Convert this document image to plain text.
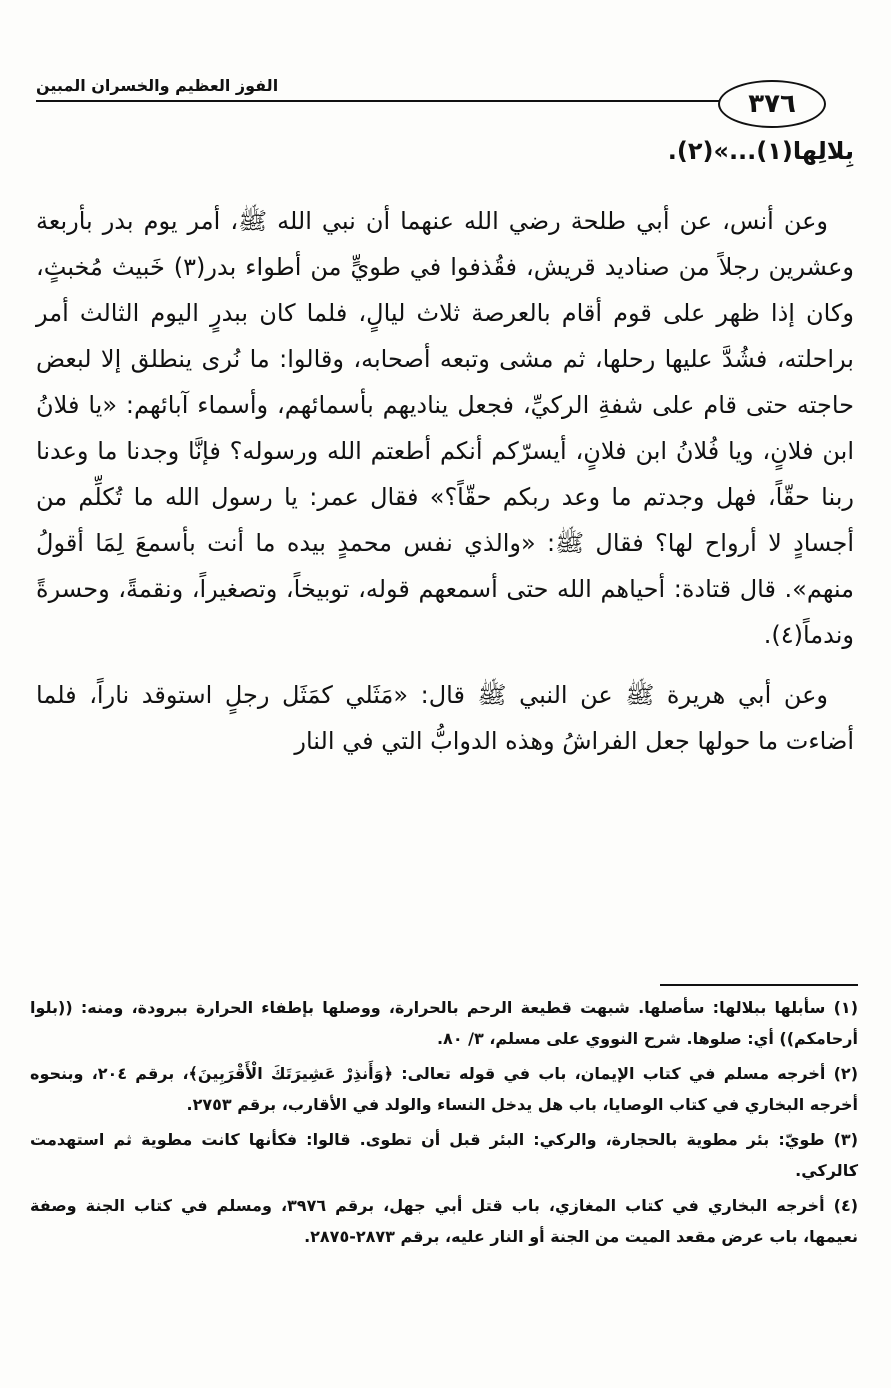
الفوز العظيم والخسران المبين
٣٧٦

بِلالِها(١)...»(٢).

وعن أنس، عن أبي طلحة رضي الله عنهما أن نبي الله ﷺ، أمر يوم بدر بأربعة وعشرين رجلاً من صناديد قريش، فقُذفوا في طويٍّ من أطواء بدر(٣) خَبيث مُخبثٍ، وكان إذا ظهر على قوم أقام بالعرصة ثلاث ليالٍ، فلما كان ببدرٍ اليوم الثالث أمر براحلته، فشُدَّ عليها رحلها، ثم مشى وتبعه أصحابه، وقالوا: ما نُرى ينطلق إلا لبعض حاجته حتى قام على شفةِ الركيِّ، فجعل يناديهم بأسمائهم، وأسماء آبائهم: «يا فلانُ ابن فلانٍ، ويا فُلانُ ابن فلانٍ، أيسرّكم أنكم أطعتم الله ورسوله؟ فإنَّا وجدنا ما وعدنا ربنا حقّاً، فهل وجدتم ما وعد ربكم حقّاً؟» فقال عمر: يا رسول الله ما تُكلِّم من أجسادٍ لا أرواح لها؟ فقال ﷺ: «والذي نفس محمدٍ بيده ما أنت بأسمعَ لِمَا أقولُ منهم». قال قتادة: أحياهم الله حتى أسمعهم قوله، توبيخاً، وتصغيراً، ونقمةً، وحسرةً وندماً(٤).

وعن أبي هريرة ﷺ عن النبي ﷺ قال: «مَثَلي كمَثَل رجلٍ استوقد ناراً، فلما أضاءت ما حولها جعل الفراشُ وهذه الدوابُّ التي في النار

(١) سأبلها ببلالها: سأصلها. شبهت قطيعة الرحم بالحرارة، ووصلها بإطفاء الحرارة ببرودة، ومنه: ((بلوا أرحامكم)) أي: صلوها. شرح النووي على مسلم، ٣/ ٨٠.

(٢) أخرجه مسلم في كتاب الإيمان، باب في قوله تعالى: ﴿وَأَنذِرْ عَشِيرَتَكَ الْأَقْرَبِينَ﴾، برقم ٢٠٤، وبنحوه أخرجه البخاري في كتاب الوصايا، باب هل يدخل النساء والولد في الأقارب، برقم ٢٧٥٣.

(٣) طويّ: بئر مطوية بالحجارة، والركي: البئر قبل أن تطوى. قالوا: فكأنها كانت مطوية ثم استهدمت كالركي.

(٤) أخرجه البخاري في كتاب المغازي، باب قتل أبي جهل، برقم ٣٩٧٦، ومسلم في كتاب الجنة وصفة نعيمها، باب عرض مقعد الميت من الجنة أو النار عليه، برقم ٢٨٧٣-٢٨٧٥.
